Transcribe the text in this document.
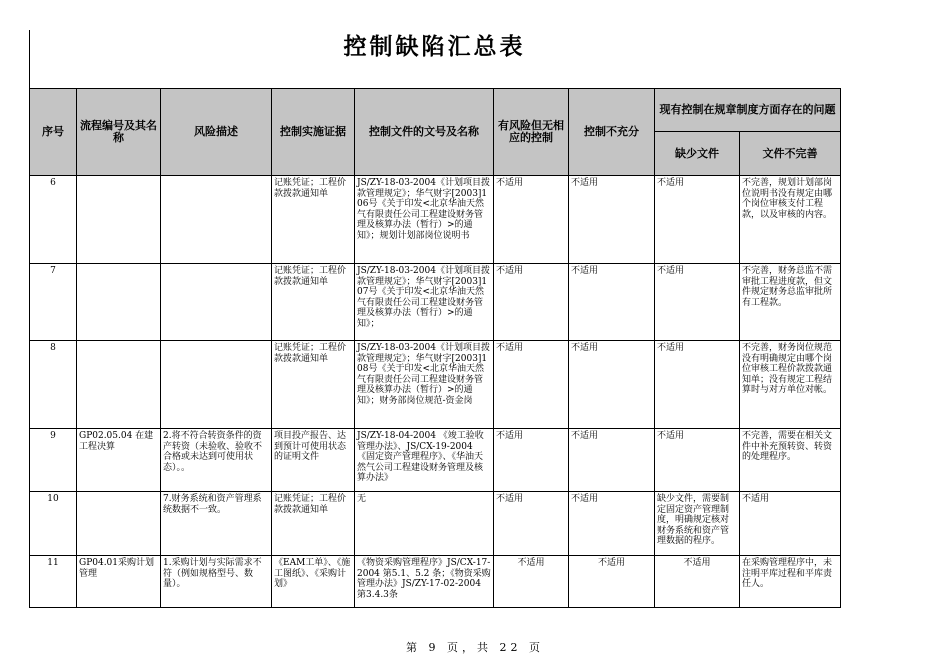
控制缺陷汇总表
序号	流程编号及其名称	风险描述	控制实施证据	控制文件的文号及名称	有风险但无相应的控制	控制不充分	现有控制在规章制度方面存在的问题	
							缺少文件	文件不完善
6			记账凭证；工程价款拨款通知单	JS/ZY-18-03-2004《计划项目拨款管理规定》；华气财字[2003]106号《关于印发<北京华油天然气有限责任公司工程建设财务管理及核算办法（暂行）>的通知》；规划计划部岗位说明书	不适用	不适用	不适用	不完善，规划计划部岗位说明书没有规定由哪个岗位审核支付工程款，以及审核的内容。
7			记账凭证；工程价款拨款通知单	JS/ZY-18-03-2004《计划项目拨款管理规定》；华气财字[2003]107号《关于印发<北京华油天然气有限责任公司工程建设财务管理及核算办法（暂行）>的通知》；	不适用	不适用	不适用	不完善，财务总监不需审批工程进度款，但文件规定财务总监审批所有工程款。
8			记账凭证；工程价款拨款通知单	JS/ZY-18-03-2004《计划项目拨款管理规定》；华气财字[2003]108号《关于印发<北京华油天然气有限责任公司工程建设财务管理及核算办法（暂行）>的通知》；财务部岗位规范-资金岗	不适用	不适用	不适用	不完善，财务岗位规范没有明确规定由哪个岗位审核工程价款拨款通知单；没有规定工程结算时与对方单位对帐。
9	GP02.05.04 在建工程决算	2.将不符合转资条件的资产转资（未验收、验收不合格或未达到可使用状态）。。	项目投产报告、达到预计可使用状态的证明文件	JS/ZY-18-04-2004 《竣工验收管理办法》、JS/CX-19-2004 《固定资产管理程序》、《华油天然气公司工程建设财务管理及核算办法》	不适用	不适用	不适用	不完善，需要在相关文件中补充预转资、转资的处理程序。
10		7.财务系统和资产管理系统数据不一致。	记账凭证；工程价款拨款通知单	无	不适用	不适用	缺少文件，需要制定固定资产管理制度，明确规定核对财务系统和资产管理数据的程序。	不适用
11	GP04.01采购计划管理	1.采购计划与实际需求不符（例如规格型号、数量）。	《EAM工单》、《施工图纸》、《采购计划》	《物资采购管理程序》JS/CX-17-2004 第5.1、5.2 条；《物资采购管理办法》JS/ZY-17-02-2004 第3.4.3条	不适用	不适用	不适用	在采购管理程序中，未注明平库过程和平库责任人。
第 9 页，共 22 页
